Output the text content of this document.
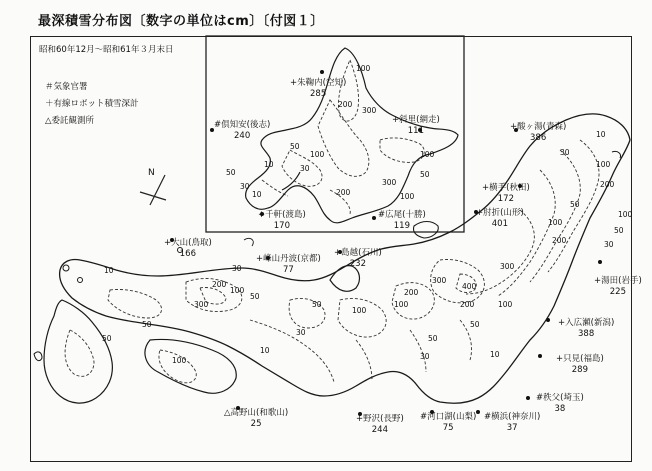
最深積雪分布図〔数字の単位はcm〕〔付図１〕
昭和60年12月～昭和61年３月末日
＃気象官署
＋有線ロボット積雪深計
△委託観測所
N
+朱鞠内(空知)
285
#倶知安(後志)
240
+斜里(網走)
111
+千軒(渡島)
170
#広尾(十勝)
119
+酸ヶ湯(青森)
386
+横手(秋田)
172
+肘折(山形)
401
+湯田(岩手)
225
+入広瀬(新潟)
388
+只見(福島)
289
#秩父(埼玉)
38
#横浜(神奈川)
37
#河口湖(山梨)
75
+野沢(長野)
244
+島越(石川)
232
+峰山丹波(京都)
77
+大山(鳥取)
166
△高野山(和歌山)
25
100
200
300
100
50
30
10
50
100
200
300
100
50
30
10	100
200
100
50
30
10
30
50
100
200
300
400
100
50
10
30
50
100
200
300
100
50
30
10
50
100
200
300
50
10	30
50
100
200
